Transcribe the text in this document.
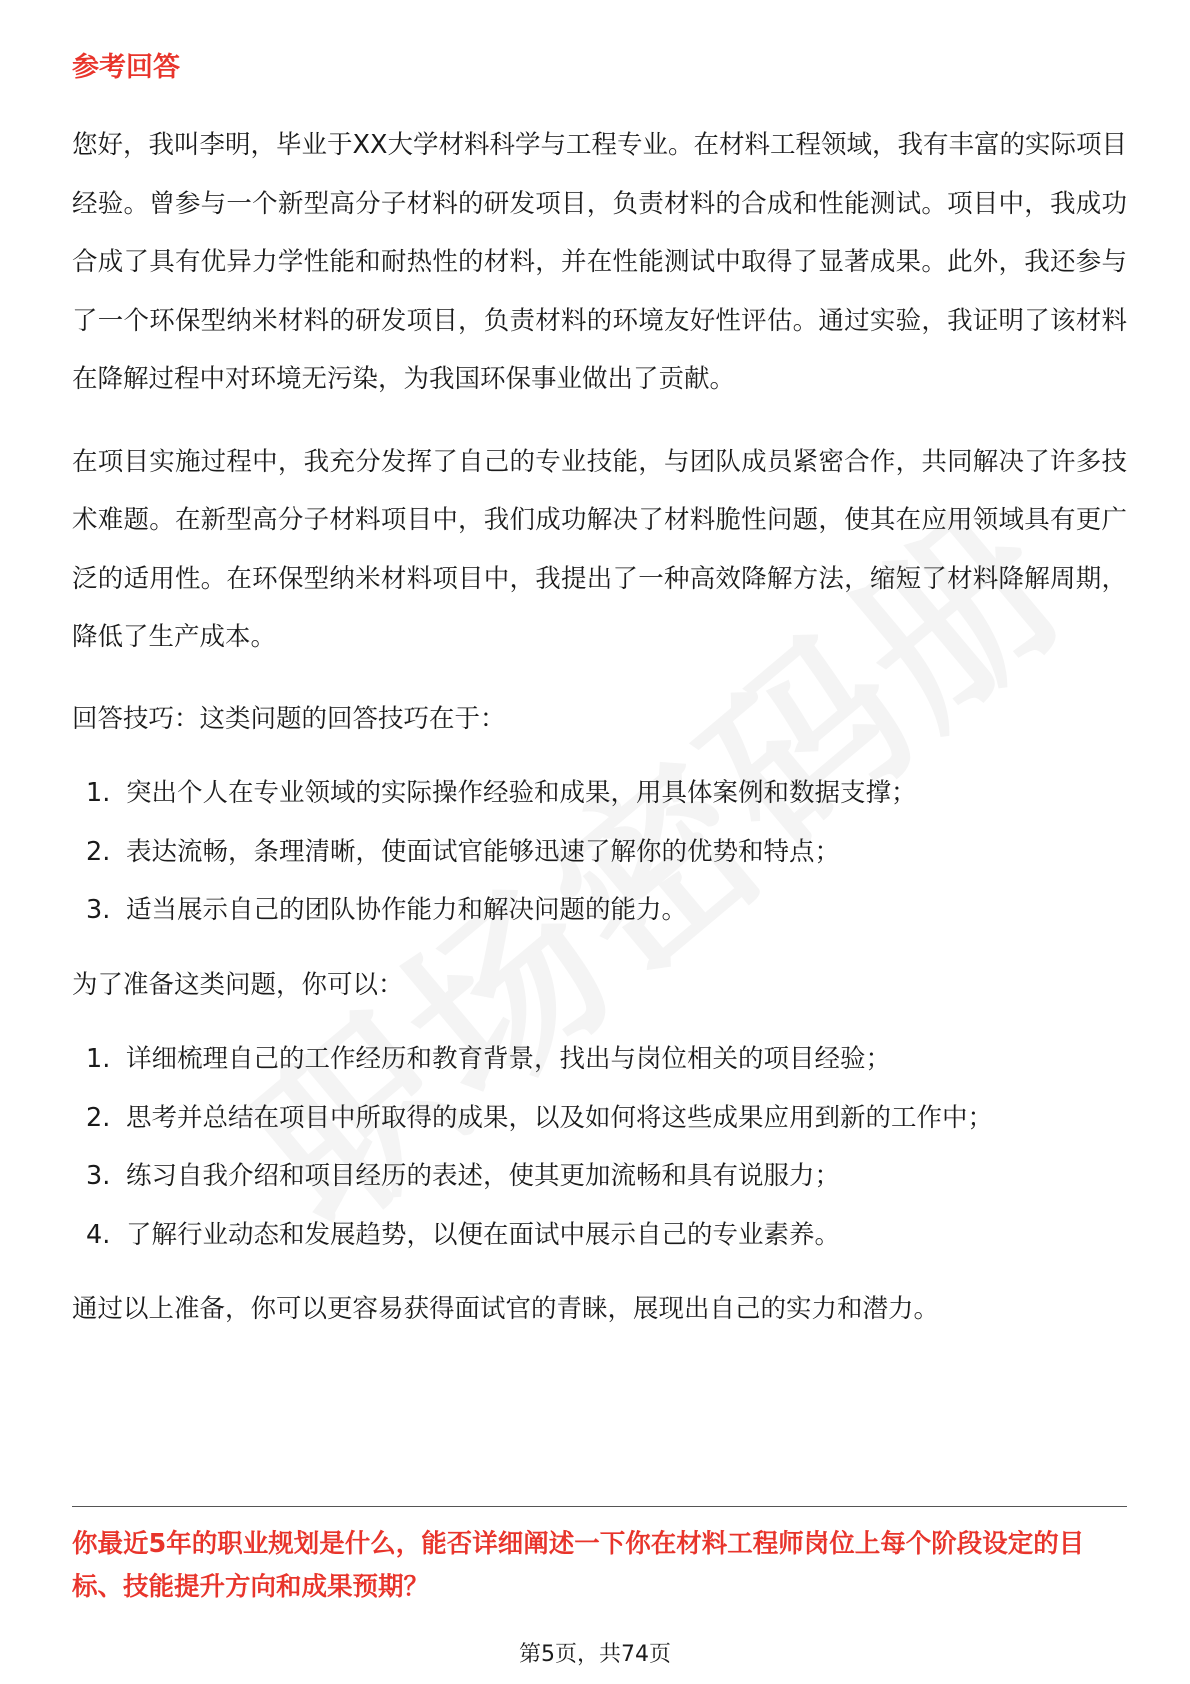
参考回答

您好，我叫李明，毕业于XX大学材料科学与工程专业。在材料工程领域，我有丰富的实际项目经验。曾参与一个新型高分子材料的研发项目，负责材料的合成和性能测试。项目中，我成功合成了具有优异力学性能和耐热性的材料，并在性能测试中取得了显著成果。此外，我还参与了一个环保型纳米材料的研发项目，负责材料的环境友好性评估。通过实验，我证明了该材料在降解过程中对环境无污染，为我国环保事业做出了贡献。

在项目实施过程中，我充分发挥了自己的专业技能，与团队成员紧密合作，共同解决了许多技术难题。在新型高分子材料项目中，我们成功解决了材料脆性问题，使其在应用领域具有更广泛的适用性。在环保型纳米材料项目中，我提出了一种高效降解方法，缩短了材料降解周期，降低了生产成本。

回答技巧：这类问题的回答技巧在于：

1. 突出个人在专业领域的实际操作经验和成果，用具体案例和数据支撑；
2. 表达流畅，条理清晰，使面试官能够迅速了解你的优势和特点；
3. 适当展示自己的团队协作能力和解决问题的能力。

为了准备这类问题，你可以：

1. 详细梳理自己的工作经历和教育背景，找出与岗位相关的项目经验；
2. 思考并总结在项目中所取得的成果，以及如何将这些成果应用到新的工作中；
3. 练习自我介绍和项目经历的表述，使其更加流畅和具有说服力；
4. 了解行业动态和发展趋势，以便在面试中展示自己的专业素养。

通过以上准备，你可以更容易获得面试官的青睐，展现出自己的实力和潜力。

你最近5年的职业规划是什么，能否详细阐述一下你在材料工程师岗位上每个阶段设定的目标、技能提升方向和成果预期？

第5页，共74页
